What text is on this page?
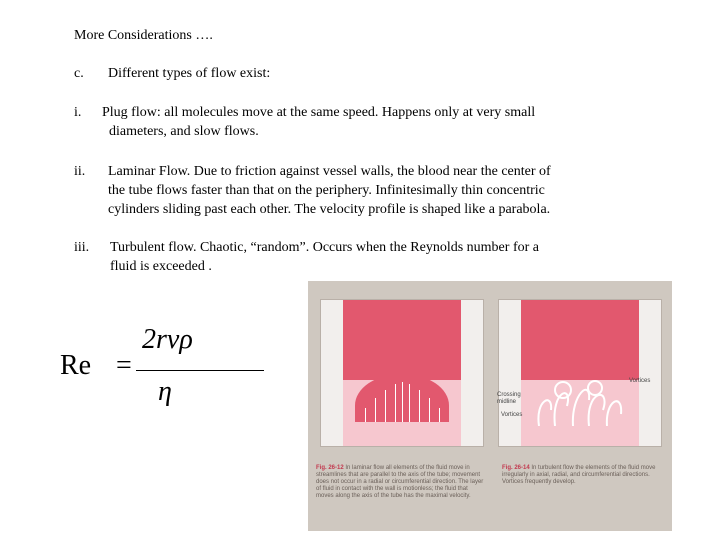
More Considerations ….
c. Different types of flow exist:
i. Plug flow: all molecules move at the same speed. Happens only at very small
diameters, and slow flows.
ii. Laminar Flow. Due to friction against vessel walls, the blood near the center of
the tube flows faster than that on the periphery. Infinitesimally thin concentric
cylinders sliding past each other. The velocity profile is shaped like a parabola.
iii. Turbulent flow. Chaotic, “random”. Occurs when the Reynolds number for a
fluid is exceeded .
Re =
2rvρ
η	Crossing midline
Vortices
Vortices
Fig. 26-12 In laminar flow all elements of the fluid move in streamlines that are parallel to the axis of the tube; movement does not occur in a radial or circumferential direction. The layer of fluid in contact with the wall is motionless; the fluid that moves along the axis of the tube has the maximal velocity.
Fig. 26-14 In turbulent flow the elements of the fluid move irregularly in axial, radial, and circumferential directions. Vortices frequently develop.
